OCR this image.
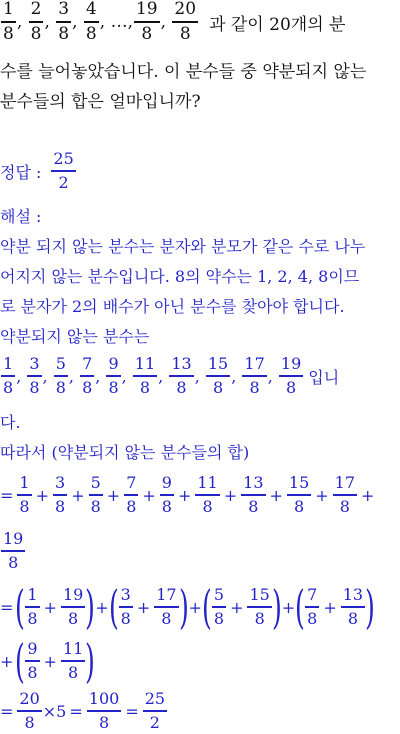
1
8
,
2
8
,
3
8
,
4
8
, … ,
19
8
,
20
8 과 같이 20개의 분
수를 늘어놓았습니다. 이 분수들 중 약분되지 않는
분수들의 합은 얼마입니까?
정답 :
25
2
해설 :
약분 되지 않는 분수는 분자와 분모가 같은 수로 나누
어지지 않는 분수입니다. 8의 약수는 1, 2, 4, 8이므
로 분자가 2의 배수가 아닌 분수를 찾아야 합니다.
약분되지 않는 분수는
1
8
,
3
8
,
5
8
,
7
8
,
9
8
,
11
8
,
13
8
,
15
8
,
17
8
,
19
8
입니
다.
따라서 (약분되지 않는 분수들의 합)
=
1
8
+
3
8
+
5
8
+
7
8
+
9
8
+
11
8
+
13
8
+
15
8
+
17
8
+
19
8
= ( 1
8
+
19
8 ) + ( 3
8
+
17
8 ) + ( 5
8
+
15
8 ) + ( 7
8
+
13
8 )
+ ( 9
8
+
11
8 )
=
20
8
×5 =
100
8
=
25
2
